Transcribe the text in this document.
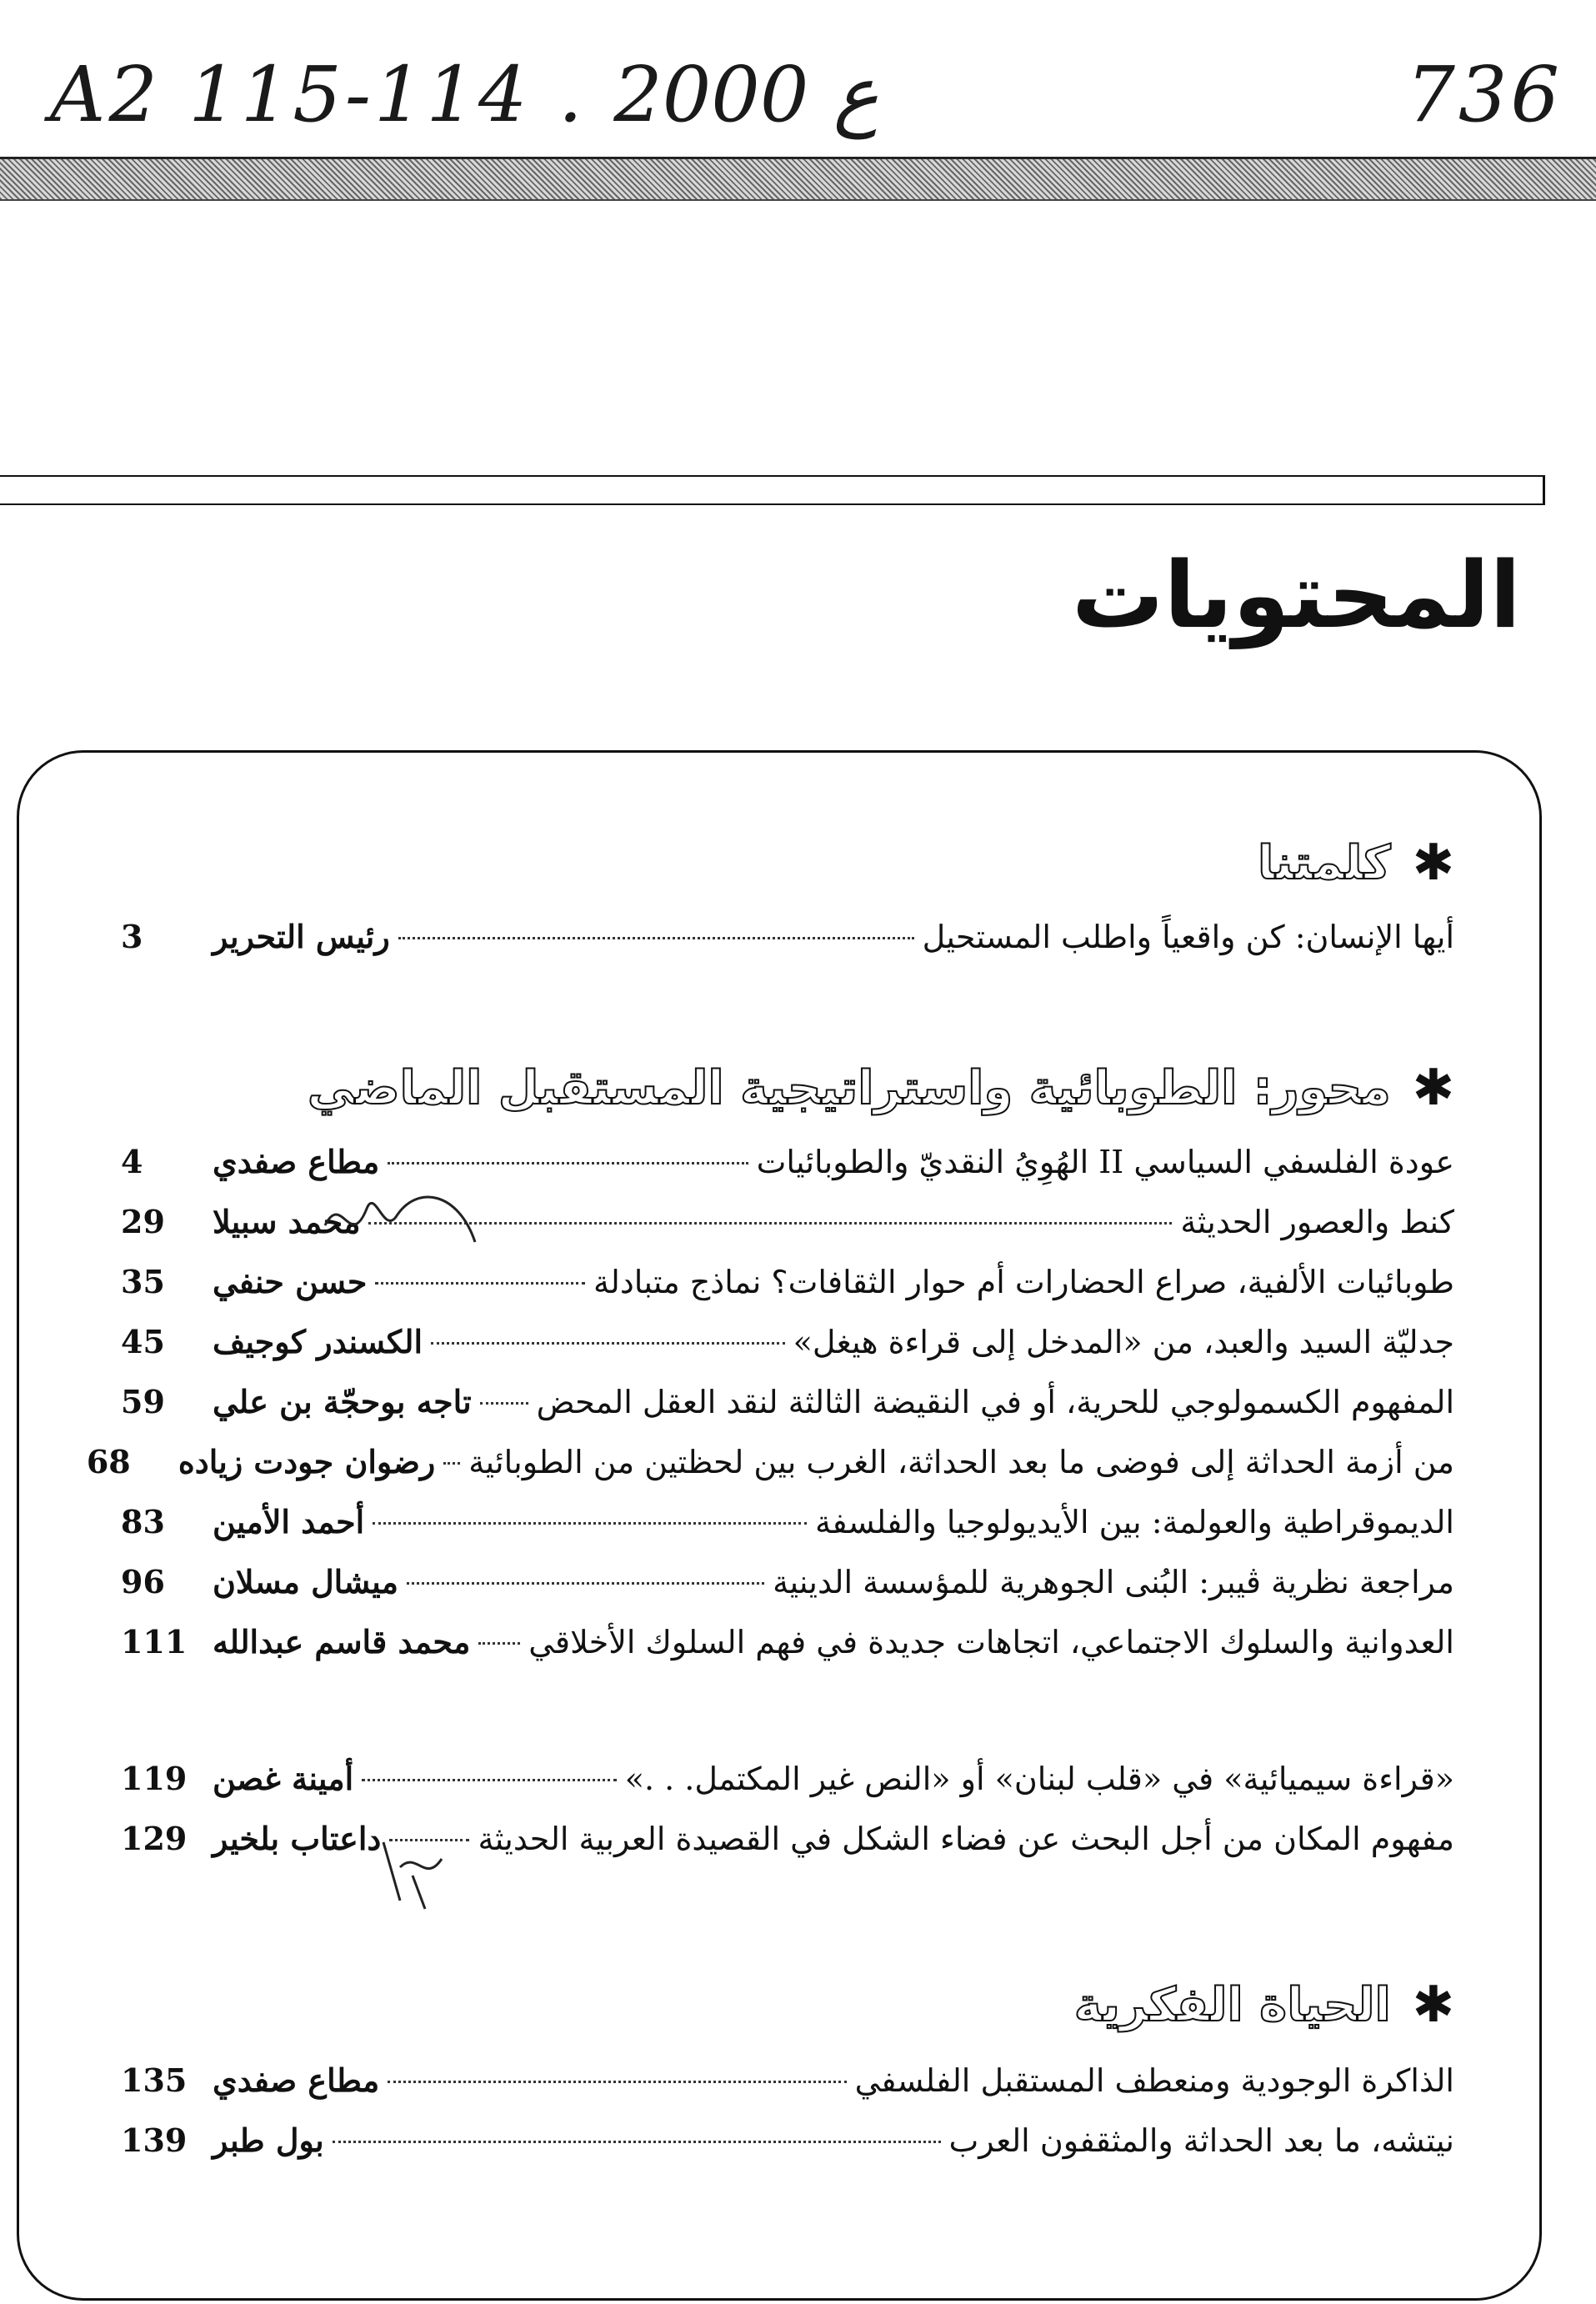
A2 115-114 . ع 2000	736
المحتويات
✱
كلمتنا
أيها الإنسان: كن واقعياً واطلب المستحيل
رئيس التحرير
3
✱
محور: الطوبائية واستراتيجية المستقبل الماضي
عودة الفلسفي السياسي II الهُوِيُ النقديّ والطوبائيات
مطاع صفدي
4
كنط والعصور الحديثة
محمد سبيلا
29
طوبائيات الألفية، صراع الحضارات أم حوار الثقافات؟ نماذج متبادلة
حسن حنفي
35
جدليّة السيد والعبد، من «المدخل إلى قراءة هيغل»
الكسندر كوجيف
45
المفهوم الكسمولوجي للحرية، أو في النقيضة الثالثة لنقد العقل المحض
تاجه بوحجّة بن علي
59
من أزمة الحداثة إلى فوضى ما بعد الحداثة، الغرب بين لحظتين من الطوبائية
رضوان جودت زياده
68
الديموقراطية والعولمة: بين الأيديولوجيا والفلسفة
أحمد الأمين
83
مراجعة نظرية ڤيبر: البُنى الجوهرية للمؤسسة الدينية
ميشال مسلان
96
العدوانية والسلوك الاجتماعي، اتجاهات جديدة في فهم السلوك الأخلاقي
محمد قاسم عبدالله
111
«قراءة سيميائية» في «قلب لبنان» أو «النص غير المكتمل. . .»
أمينة غصن
119
مفهوم المكان من أجل البحث عن فضاء الشكل في القصيدة العربية الحديثة
داعتاب بلخير
129
✱
الحياة الفكرية
الذاكرة الوجودية ومنعطف المستقبل الفلسفي
مطاع صفدي
135
نيتشه، ما بعد الحداثة والمثقفون العرب
بول طبر
139
